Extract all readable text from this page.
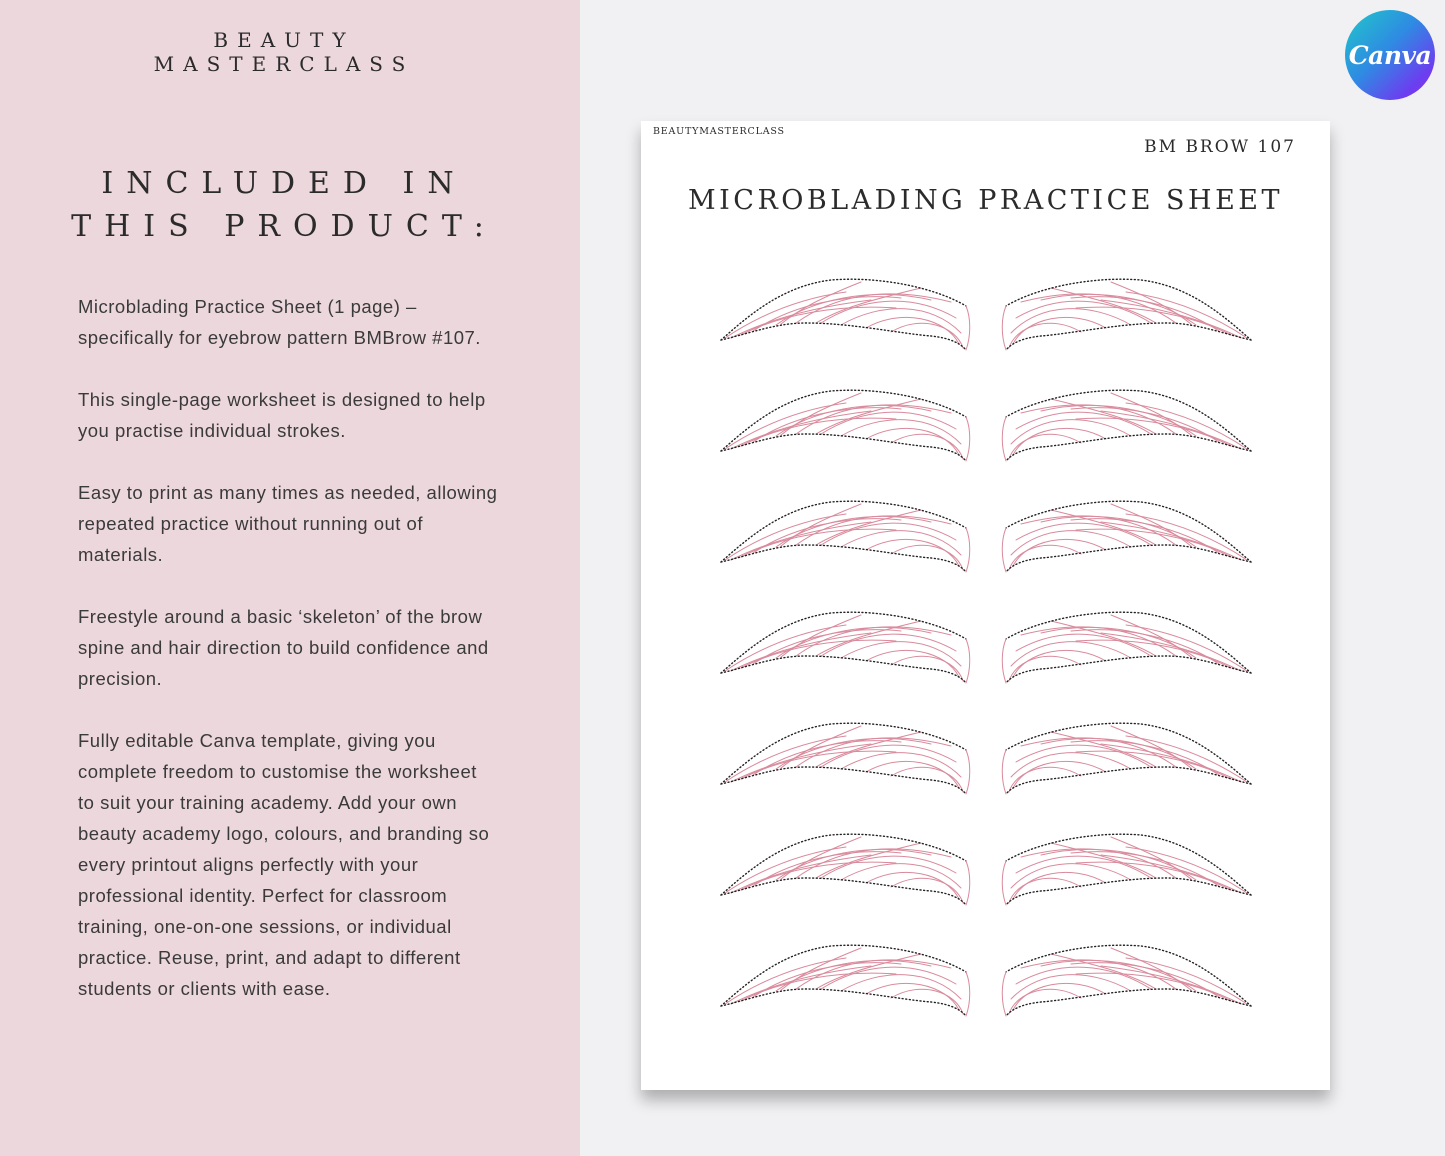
BEAUTY
MASTERCLASS
INCLUDED IN
THIS PRODUCT:

Microblading Practice Sheet (1 page) – specifically for eyebrow pattern BMBrow #107.

This single-page worksheet is designed to help you practise individual strokes.

Easy to print as many times as needed, allowing repeated practice without running out of materials.

Freestyle around a basic ‘skeleton’ of the brow spine and hair direction to build confidence and precision.

Fully editable Canva template, giving you complete freedom to customise the worksheet to suit your training academy. Add your own beauty academy logo, colours, and branding so every printout aligns perfectly with your professional identity. Perfect for classroom training, one-on-one sessions, or individual practice. Reuse, print, and adapt to different students or clients with ease.

Canva
BEAUTYMASTERCLASS
BM BROW 107
MICROBLADING PRACTICE SHEET
